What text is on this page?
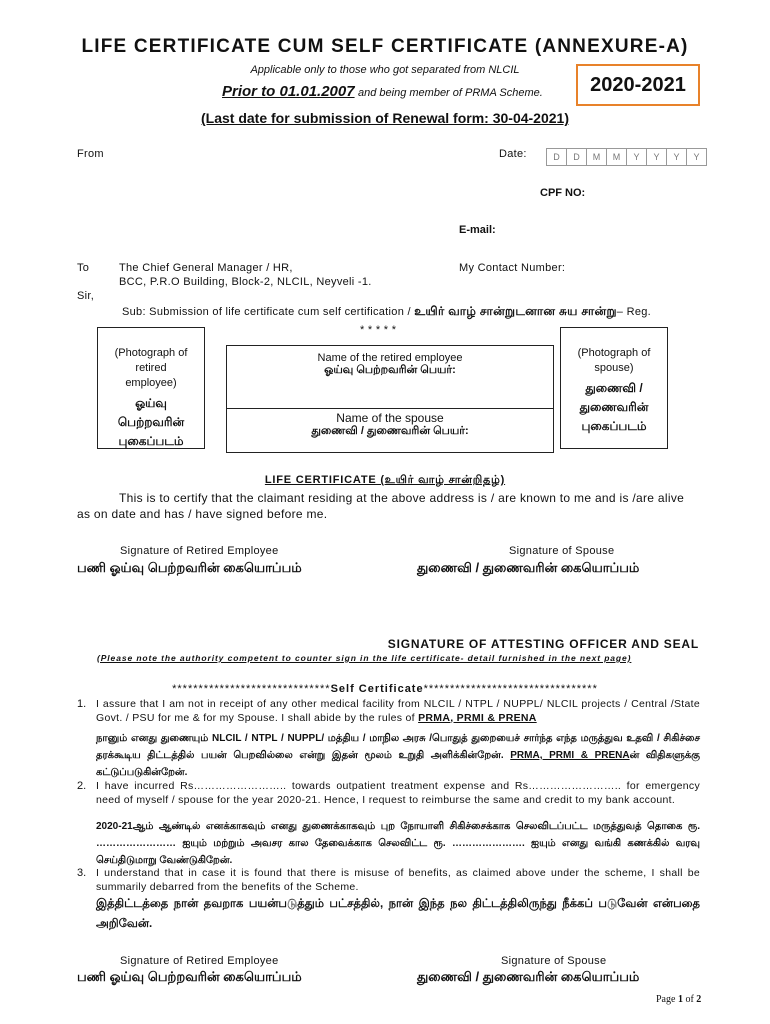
LIFE CERTIFICATE CUM SELF CERTIFICATE (ANNEXURE-A)
Applicable only to those who got separated from NLCIL
Prior to 01.01.2007 and being member of PRMA Scheme.	2020-2021
(Last date for submission of Renewal form: 30-04-2021)
From	Date:	D	D	M	M	Y	Y	Y	Y
CPF NO:
E-mail:
To	The Chief General Manager / HR,
BCC, P.R.O Building, Block-2, NLCIL, Neyveli -1.
My Contact Number:
Sir,
Sub: Submission of life certificate cum self certification / உயிர் வாழ் சான்றுடனான சுய சான்று– Reg.
* * * * *
(Photograph of
retired
employee)
ஓய்வு
பெற்றவரின்
புகைப்படம்
(Photograph of
spouse)
துணைவி /
துணைவரின்
புகைப்படம்
Name of the retired employee
ஓய்வு பெற்றவரின் பெயர்:
Name of the spouse
துணைவி / துணைவரின் பெயர்:
LIFE CERTIFICATE (உயிர் வாழ் சான்றிதழ்)
This is to certify that the claimant residing at the above address is / are known to me and is /are alive as on date and has / have signed before me.
Signature of Retired Employee
பணி ஓய்வு பெற்றவரின் கையொப்பம்
Signature of Spouse
துணைவி / துணைவரின் கையொப்பம்
SIGNATURE OF ATTESTING OFFICER AND SEAL
(Please note the authority competent to counter sign in the life certificate- detail furnished in the next page)
******************************Self Certificate*********************************
1. I assure that I am not in receipt of any other medical facility from NLCIL / NTPL / NUPPL/ NLCIL projects / Central /State Govt. / PSU for me & for my Spouse. I shall abide by the rules of PRMA, PRMI & PRENA
நானும் எனது துணையும் NLCIL / NTPL / NUPPL/ மத்திய / மாநில அரசு /பொதுத் துறையைச் சார்ந்த எந்த மருத்துவ உதவி / சிகிச்சை தரக்கூடிய திட்டத்தில் பயன் பெறவில்லை என்று இதன் மூலம் உறுதி அளிக்கின்றேன். PRMA, PRMI & PRENAன் விதிகளுக்கு கட்டுப்படுகின்றேன்.
2. I have incurred Rs…………………….. towards outpatient treatment expense and Rs…………………….. for emergency need of myself / spouse for the year 2020-21. Hence, I request to reimburse the same and credit to my bank account.
2020-21ஆம் ஆண்டில் எனக்காகவும் எனது துணைக்காகவும் புற நோயாளி சிகிச்சைக்காக செலவிடப்பட்ட மருத்துவத் தொகை ரூ. …………………… ஐயும் மற்றும் அவசர கால தேவைக்காக செலவிட்ட ரூ. …………………. ஐயும் எனது வங்கி கணக்கில் வரவு செய்திடுமாறு வேண்டுகிறேன்.
3. I understand that in case it is found that there is misuse of benefits, as claimed above under the scheme, I shall be summarily debarred from the benefits of the Scheme.
இத்திட்டத்தை நான் தவறாக பயன்படுத்தும் பட்சத்தில், நான் இந்த நல திட்டத்திலிருந்து நீக்கப் படுவேன் என்பதை அறிவேன்.
Signature of Retired Employee
பணி ஓய்வு பெற்றவரின் கையொப்பம்
Signature of Spouse
துணைவி / துணைவரின் கையொப்பம்
Page 1 of 2
